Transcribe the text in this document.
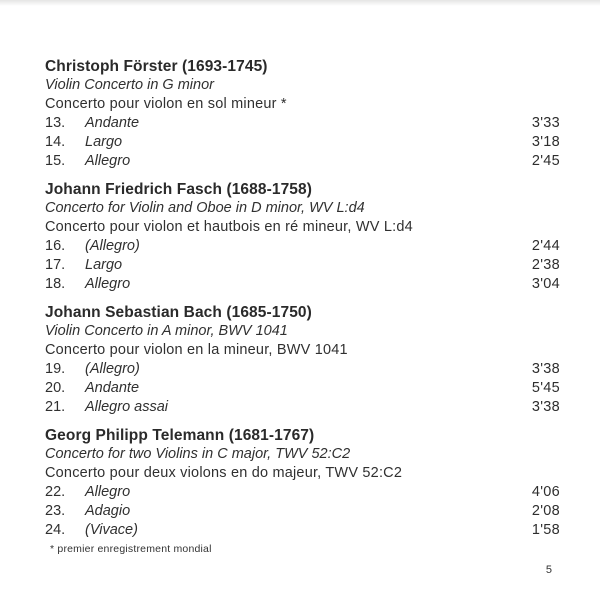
Christoph Förster (1693-1745)
Violin Concerto in G minor
Concerto pour violon en sol mineur *
13.	Andante	3'33
14.	Largo	3'18
15.	Allegro	2'45
Johann Friedrich Fasch (1688-1758)
Concerto for Violin and Oboe in D minor, WV L:d4
Concerto pour violon et hautbois en ré mineur, WV L:d4
16.	(Allegro)	2'44
17.	Largo	2'38
18.	Allegro	3'04
Johann Sebastian Bach (1685-1750)
Violin Concerto in A minor, BWV 1041
Concerto pour violon en la mineur, BWV 1041
19.	(Allegro)	3'38
20.	Andante	5'45
21.	Allegro assai	3'38
Georg Philipp Telemann (1681-1767)
Concerto for two Violins in C major, TWV 52:C2
Concerto pour deux violons en do majeur, TWV 52:C2
22.	Allegro	4'06
23.	Adagio	2'08
24.	(Vivace)	1'58
* premier enregistrement mondial
5
